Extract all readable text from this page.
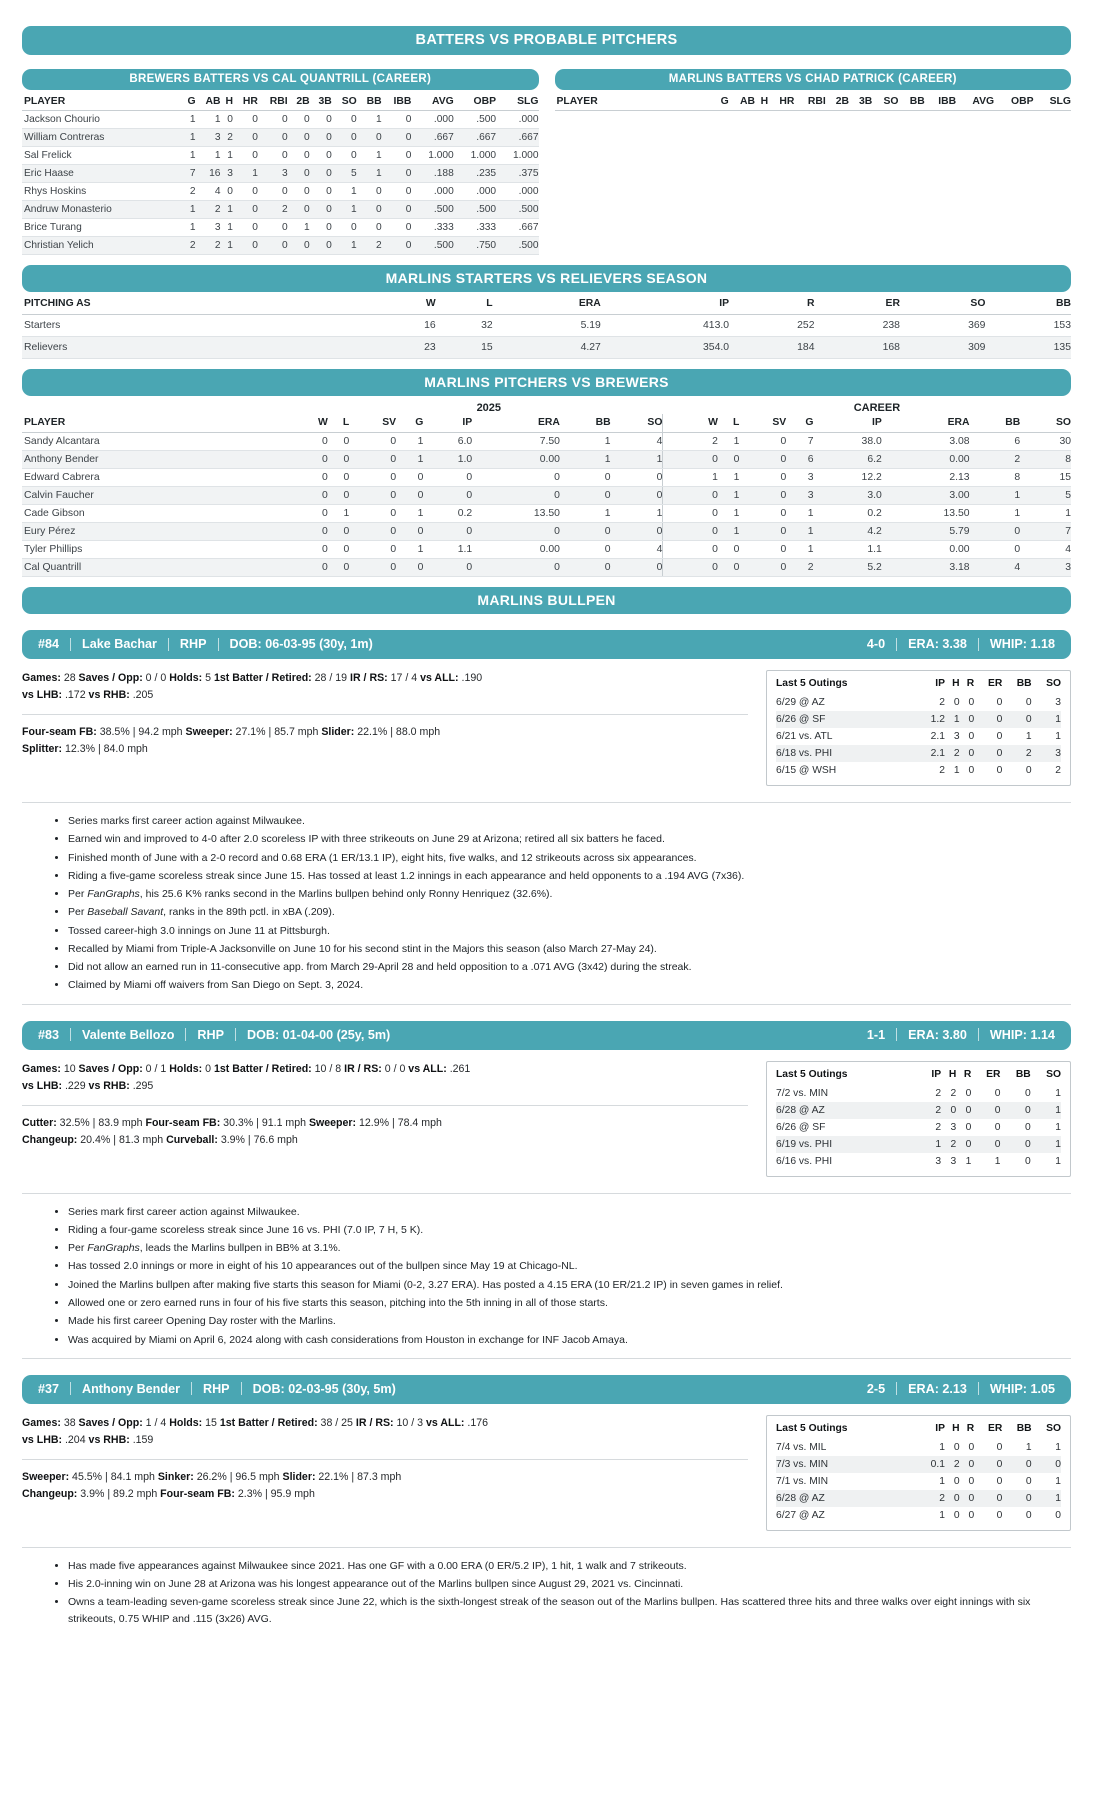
BATTERS VS PROBABLE PITCHERS
BREWERS BATTERS VS CAL QUANTRILL (CAREER)
PLAYER	G	AB	H	HR	RBI	2B	3B	SO	BB	IBB	AVG	OBP	SLG
Jackson Chourio	1	1	0	0	0	0	0	0	1	0	.000	.500	.000
William Contreras	1	3	2	0	0	0	0	0	0	0	.667	.667	.667
Sal Frelick	1	1	1	0	0	0	0	0	1	0	1.000	1.000	1.000
Eric Haase	7	16	3	1	3	0	0	5	1	0	.188	.235	.375
Rhys Hoskins	2	4	0	0	0	0	0	1	0	0	.000	.000	.000
Andruw Monasterio	1	2	1	0	2	0	0	1	0	0	.500	.500	.500
Brice Turang	1	3	1	0	0	1	0	0	0	0	.333	.333	.667
Christian Yelich	2	2	1	0	0	0	0	1	2	0	.500	.750	.500
MARLINS BATTERS VS CHAD PATRICK (CAREER)
PLAYER	G	AB	H	HR	RBI	2B	3B	SO	BB	IBB	AVG	OBP	SLG
MARLINS STARTERS VS RELIEVERS SEASON
PITCHING AS	W	L	ERA	IP	R	ER	SO	BB
Starters	16	32	5.19	413.0	252	238	369	153
Relievers	23	15	4.27	354.0	184	168	309	135
MARLINS PITCHERS VS BREWERS
2025	CAREER
PLAYER	W	L	SV	G	IP	ERA	BB	SO	W	L	SV	G	IP	ERA	BB	SO
Sandy Alcantara	0	0	0	1	6.0	7.50	1	4	2	1	0	7	38.0	3.08	6	30
Anthony Bender	0	0	0	1	1.0	0.00	1	1	0	0	0	6	6.2	0.00	2	8
Edward Cabrera	0	0	0	0	0	0	0	0	1	1	0	3	12.2	2.13	8	15
Calvin Faucher	0	0	0	0	0	0	0	0	0	1	0	3	3.0	3.00	1	5
Cade Gibson	0	1	0	1	0.2	13.50	1	1	0	1	0	1	0.2	13.50	1	1
Eury Pérez	0	0	0	0	0	0	0	0	0	1	0	1	4.2	5.79	0	7
Tyler Phillips	0	0	0	1	1.1	0.00	0	4	0	0	0	1	1.1	0.00	0	4
Cal Quantrill	0	0	0	0	0	0	0	0	0	0	0	2	5.2	3.18	4	3
MARLINS BULLPEN
#84 Lake Bachar RHP DOB: 06-03-95 (30y, 1m)	4-0 ERA: 3.38 WHIP: 1.18
Games: 28 Saves / Opp: 0 / 0 Holds: 5 1st Batter / Retired: 28 / 19 IR / RS: 17 / 4 vs ALL: .190
vs LHB: .172 vs RHB: .205
Four-seam FB: 38.5% | 94.2 mph Sweeper: 27.1% | 85.7 mph Slider: 22.1% | 88.0 mph
Splitter: 12.3% | 84.0 mph
Last 5 Outings	IP	H	R	ER	BB	SO
6/29 @ AZ	2	0	0	0	0	3
6/26 @ SF	1.2	1	0	0	0	1
6/21 vs. ATL	2.1	3	0	0	1	1
6/18 vs. PHI	2.1	2	0	0	2	3
6/15 @ WSH	2	1	0	0	0	2
• Series marks first career action against Milwaukee.
• Earned win and improved to 4-0 after 2.0 scoreless IP with three strikeouts on June 29 at Arizona; retired all six batters he faced.
• Finished month of June with a 2-0 record and 0.68 ERA (1 ER/13.1 IP), eight hits, five walks, and 12 strikeouts across six appearances.
• Riding a five-game scoreless streak since June 15. Has tossed at least 1.2 innings in each appearance and held opponents to a .194 AVG (7x36).
• Per FanGraphs, his 25.6 K% ranks second in the Marlins bullpen behind only Ronny Henriquez (32.6%).
• Per Baseball Savant, ranks in the 89th pctl. in xBA (.209).
• Tossed career-high 3.0 innings on June 11 at Pittsburgh.
• Recalled by Miami from Triple-A Jacksonville on June 10 for his second stint in the Majors this season (also March 27-May 24).
• Did not allow an earned run in 11-consecutive app. from March 29-April 28 and held opposition to a .071 AVG (3x42) during the streak.
• Claimed by Miami off waivers from San Diego on Sept. 3, 2024.
#83 Valente Bellozo RHP DOB: 01-04-00 (25y, 5m)	1-1 ERA: 3.80 WHIP: 1.14
Games: 10 Saves / Opp: 0 / 1 Holds: 0 1st Batter / Retired: 10 / 8 IR / RS: 0 / 0 vs ALL: .261
vs LHB: .229 vs RHB: .295
Cutter: 32.5% | 83.9 mph Four-seam FB: 30.3% | 91.1 mph Sweeper: 12.9% | 78.4 mph
Changeup: 20.4% | 81.3 mph Curveball: 3.9% | 76.6 mph
Last 5 Outings	IP	H	R	ER	BB	SO
7/2 vs. MIN	2	2	0	0	0	1
6/28 @ AZ	2	0	0	0	0	1
6/26 @ SF	2	3	0	0	0	1
6/19 vs. PHI	1	2	0	0	0	1
6/16 vs. PHI	3	3	1	1	0	1
• Series mark first career action against Milwaukee.
• Riding a four-game scoreless streak since June 16 vs. PHI (7.0 IP, 7 H, 5 K).
• Per FanGraphs, leads the Marlins bullpen in BB% at 3.1%.
• Has tossed 2.0 innings or more in eight of his 10 appearances out of the bullpen since May 19 at Chicago-NL.
• Joined the Marlins bullpen after making five starts this season for Miami (0-2, 3.27 ERA). Has posted a 4.15 ERA (10 ER/21.2 IP) in seven games in relief.
• Allowed one or zero earned runs in four of his five starts this season, pitching into the 5th inning in all of those starts.
• Made his first career Opening Day roster with the Marlins.
• Was acquired by Miami on April 6, 2024 along with cash considerations from Houston in exchange for INF Jacob Amaya.
#37 Anthony Bender RHP DOB: 02-03-95 (30y, 5m)	2-5 ERA: 2.13 WHIP: 1.05
Games: 38 Saves / Opp: 1 / 4 Holds: 15 1st Batter / Retired: 38 / 25 IR / RS: 10 / 3 vs ALL: .176
vs LHB: .204 vs RHB: .159
Sweeper: 45.5% | 84.1 mph Sinker: 26.2% | 96.5 mph Slider: 22.1% | 87.3 mph
Changeup: 3.9% | 89.2 mph Four-seam FB: 2.3% | 95.9 mph
Last 5 Outings	IP	H	R	ER	BB	SO
7/4 vs. MIL	1	0	0	0	1	1
7/3 vs. MIN	0.1	2	0	0	0	0
7/1 vs. MIN	1	0	0	0	0	1
6/28 @ AZ	2	0	0	0	0	1
6/27 @ AZ	1	0	0	0	0	0
• Has made five appearances against Milwaukee since 2021. Has one GF with a 0.00 ERA (0 ER/5.2 IP), 1 hit, 1 walk and 7 strikeouts.
• His 2.0-inning win on June 28 at Arizona was his longest appearance out of the Marlins bullpen since August 29, 2021 vs. Cincinnati.
• Owns a team-leading seven-game scoreless streak since June 22, which is the sixth-longest streak of the season out of the Marlins bullpen. Has scattered three hits and three walks over eight innings with six strikeouts, 0.75 WHIP and .115 (3x26) AVG.
